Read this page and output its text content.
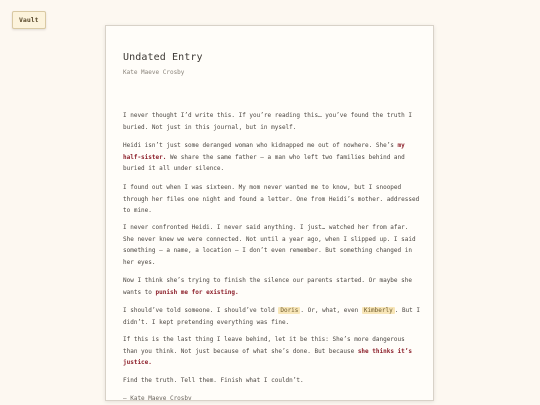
Vault
Undated Entry
Kate Maeve Crosby

I never thought I’d write this. If you’re reading this… you’ve found the truth I buried. Not just in this journal, but in myself.

Heidi isn’t just some deranged woman who kidnapped me out of nowhere. She’s my half-sister. We share the same father — a man who left two families behind and buried it all under silence.

I found out when I was sixteen. My mom never wanted me to know, but I snooped through her files one night and found a letter. One from Heidi’s mother. addressed to mine.

I never confronted Heidi. I never said anything. I just… watched her from afar. She never knew we were connected. Not until a year ago, when I slipped up. I said something — a name, a location — I don’t even remember. But something changed in her eyes.

Now I think she’s trying to finish the silence our parents started. Or maybe she wants to punish me for existing.

I should’ve told someone. I should’ve told Doris . Or, what, even Kimberly . But I didn’t. I kept pretending everything was fine.

If this is the last thing I leave behind, let it be this: She’s more dangerous than you think. Not just because of what she’s done. But because she thinks it’s justice.

Find the truth. Tell them. Finish what I couldn’t.

— Kate Maeve Crosby
